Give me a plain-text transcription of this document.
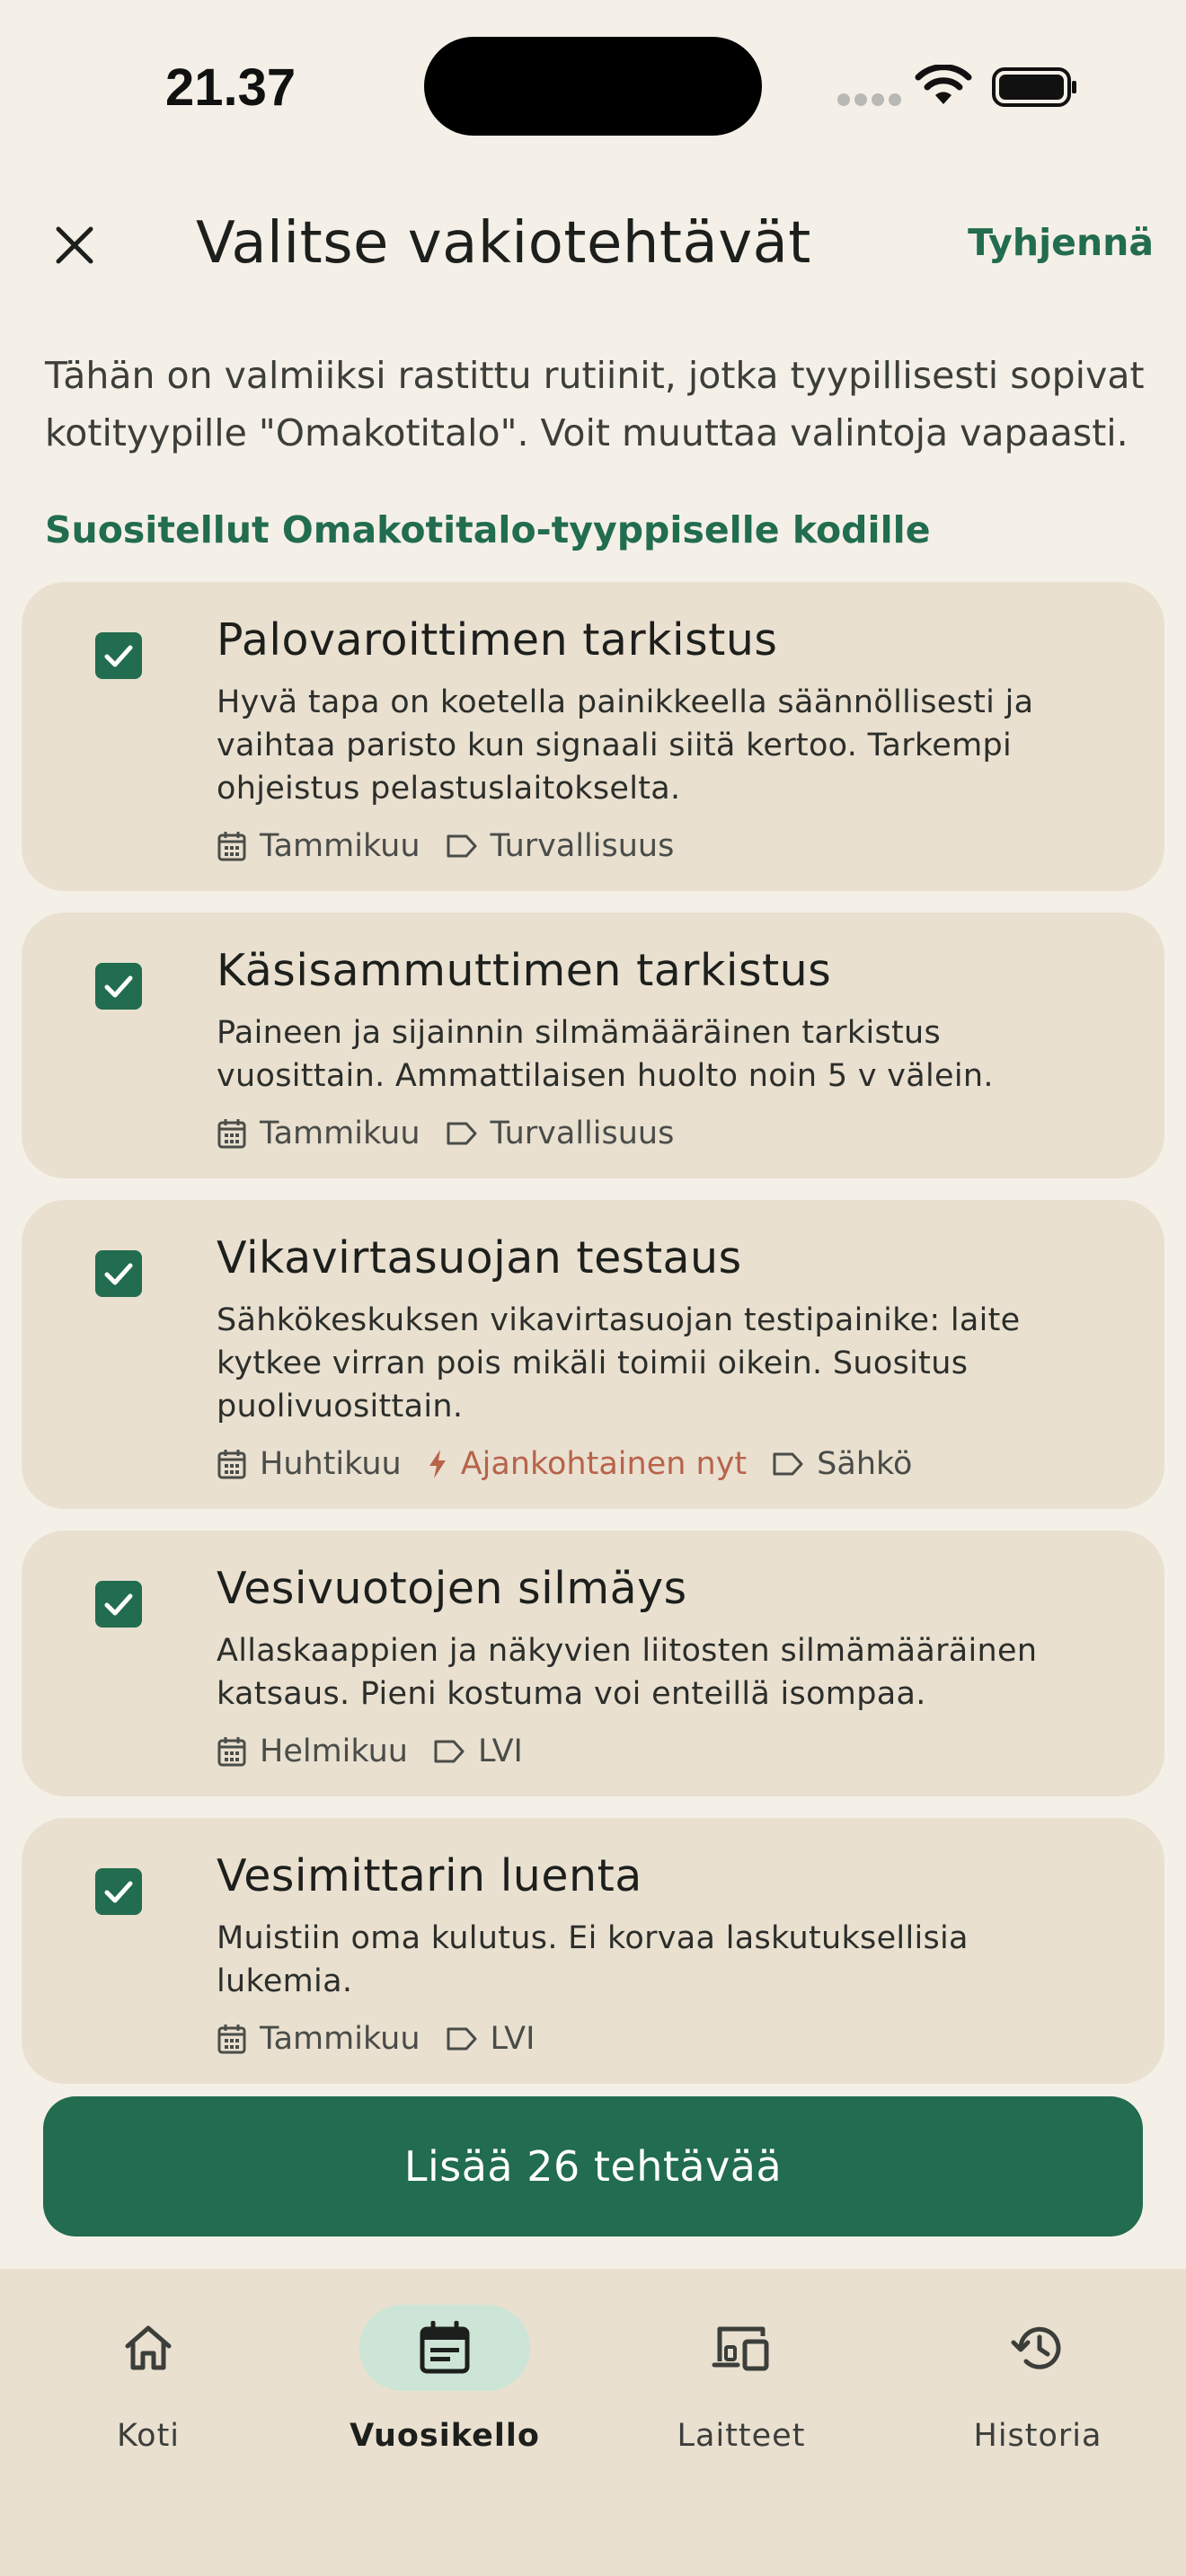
21.37
Valitse vakiotehtävät	Tyhjennä

Tähän on valmiiksi rastittu rutiinit, jotka tyypillisesti sopivat kotityypille "Omakotitalo". Voit muuttaa valintoja vapaasti.

Suositellut Omakotitalo-tyyppiselle kodille
Palovaroittimen tarkistus
Hyvä tapa on koetella painikkeella säännöllisesti ja vaihtaa paristo kun signaali siitä kertoo. Tarkempi ohjeistus pelastuslaitokselta.
Tammikuu Turvallisuus
Käsisammuttimen tarkistus
Paineen ja sijainnin silmämääräinen tarkistus vuosittain. Ammattilaisen huolto noin 5 v välein.
Tammikuu Turvallisuus
Vikavirtasuojan testaus
Sähkökeskuksen vikavirtasuojan testipainike: laite kytkee virran pois mikäli toimii oikein. Suositus puolivuosittain.
Huhtikuu Ajankohtainen nyt Sähkö
Vesivuotojen silmäys
Allaskaappien ja näkyvien liitosten silmämääräinen katsaus. Pieni kostuma voi enteillä isompaa.
Helmikuu LVI
Vesimittarin luenta
Muistiin oma kulutus. Ei korvaa laskutuksellisia lukemia.
Tammikuu LVI
Lisää 26 tehtävää
Koti	Vuosikello	Laitteet	Historia
